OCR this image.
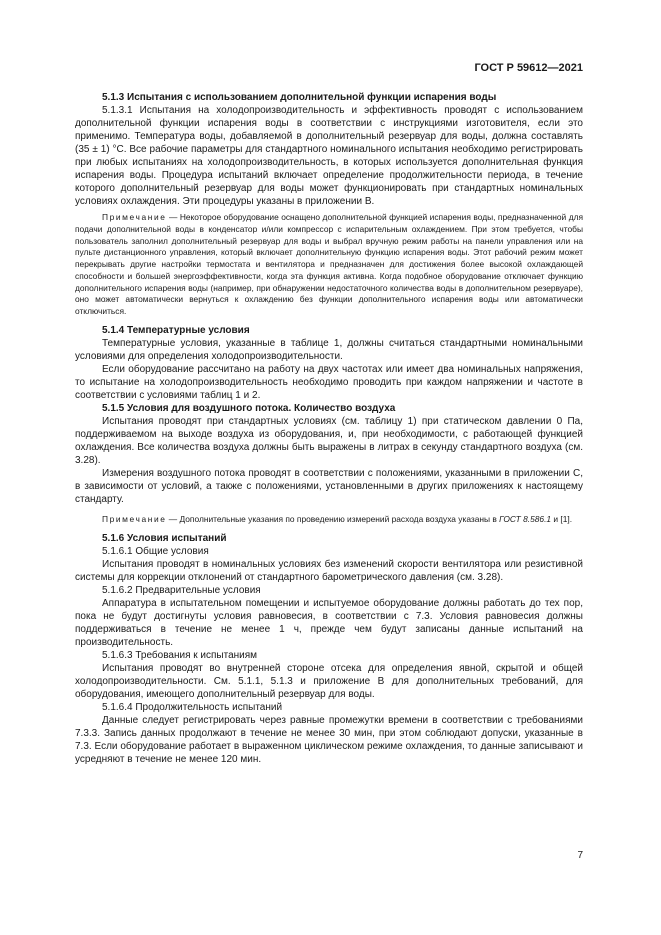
ГОСТ Р 59612—2021

5.1.3 Испытания с использованием дополнительной функции испарения воды

5.1.3.1 Испытания на холодопроизводительность и эффективность проводят с использованием дополнительной функции испарения воды в соответствии с инструкциями изготовителя, если это применимо. Температура воды, добавляемой в дополнительный резервуар для воды, должна составлять (35 ± 1) °С. Все рабочие параметры для стандартного номинального испытания необходимо регистрировать при любых испытаниях на холодопроизводительность, в которых используется дополнительная функция испарения воды. Процедура испытаний включает определение продолжительности периода, в течение которого дополнительный резервуар для воды может функционировать при стандартных номинальных условиях охлаждения. Эти процедуры указаны в приложении В.

Примечание — Некоторое оборудование оснащено дополнительной функцией испарения воды, предназначенной для подачи дополнительной воды в конденсатор и/или компрессор с испарительным охлаждением. При этом требуется, чтобы пользователь заполнил дополнительный резервуар для воды и выбрал вручную режим работы на панели управления или на пульте дистанционного управления, который включает дополнительную функцию испарения воды. Этот рабочий режим может перекрывать другие настройки термостата и вентилятора и предназначен для достижения более высокой охлаждающей способности и большей энергоэффективности, когда эта функция активна. Когда подобное оборудование отключает функцию дополнительного испарения воды (например, при обнаружении недостаточного количества воды в дополнительном резервуаре), оно может автоматически вернуться к охлаждению без функции дополнительного испарения воды или автоматически отключиться.

5.1.4 Температурные условия

Температурные условия, указанные в таблице 1, должны считаться стандартными номинальными условиями для определения холодопроизводительности.

Если оборудование рассчитано на работу на двух частотах или имеет два номинальных напряжения, то испытание на холодопроизводительность необходимо проводить при каждом напряжении и частоте в соответствии с условиями таблиц 1 и 2.

5.1.5 Условия для воздушного потока. Количество воздуха

Испытания проводят при стандартных условиях (см. таблицу 1) при статическом давлении 0 Па, поддерживаемом на выходе воздуха из оборудования, и, при необходимости, с работающей функцией охлаждения. Все количества воздуха должны быть выражены в литрах в секунду стандартного воздуха (см. 3.28).

Измерения воздушного потока проводят в соответствии с положениями, указанными в приложении С, в зависимости от условий, а также с положениями, установленными в других приложениях к настоящему стандарту.

Примечание — Дополнительные указания по проведению измерений расхода воздуха указаны в ГОСТ 8.586.1 и [1].

5.1.6 Условия испытаний

5.1.6.1 Общие условия

Испытания проводят в номинальных условиях без изменений скорости вентилятора или резистивной системы для коррекции отклонений от стандартного барометрического давления (см. 3.28).

5.1.6.2 Предварительные условия

Аппаратура в испытательном помещении и испытуемое оборудование должны работать до тех пор, пока не будут достигнуты условия равновесия, в соответствии с 7.3. Условия равновесия должны поддерживаться в течение не менее 1 ч, прежде чем будут записаны данные испытаний на производительность.

5.1.6.3 Требования к испытаниям

Испытания проводят во внутренней стороне отсека для определения явной, скрытой и общей холодопроизводительности. См. 5.1.1, 5.1.3 и приложение В для дополнительных требований, для оборудования, имеющего дополнительный резервуар для воды.

5.1.6.4 Продолжительность испытаний

Данные следует регистрировать через равные промежутки времени в соответствии с требованиями 7.3.3. Запись данных продолжают в течение не менее 30 мин, при этом соблюдают допуски, указанные в 7.3. Если оборудование работает в выраженном циклическом режиме охлаждения, то данные записывают и усредняют в течение не менее 120 мин.

7
